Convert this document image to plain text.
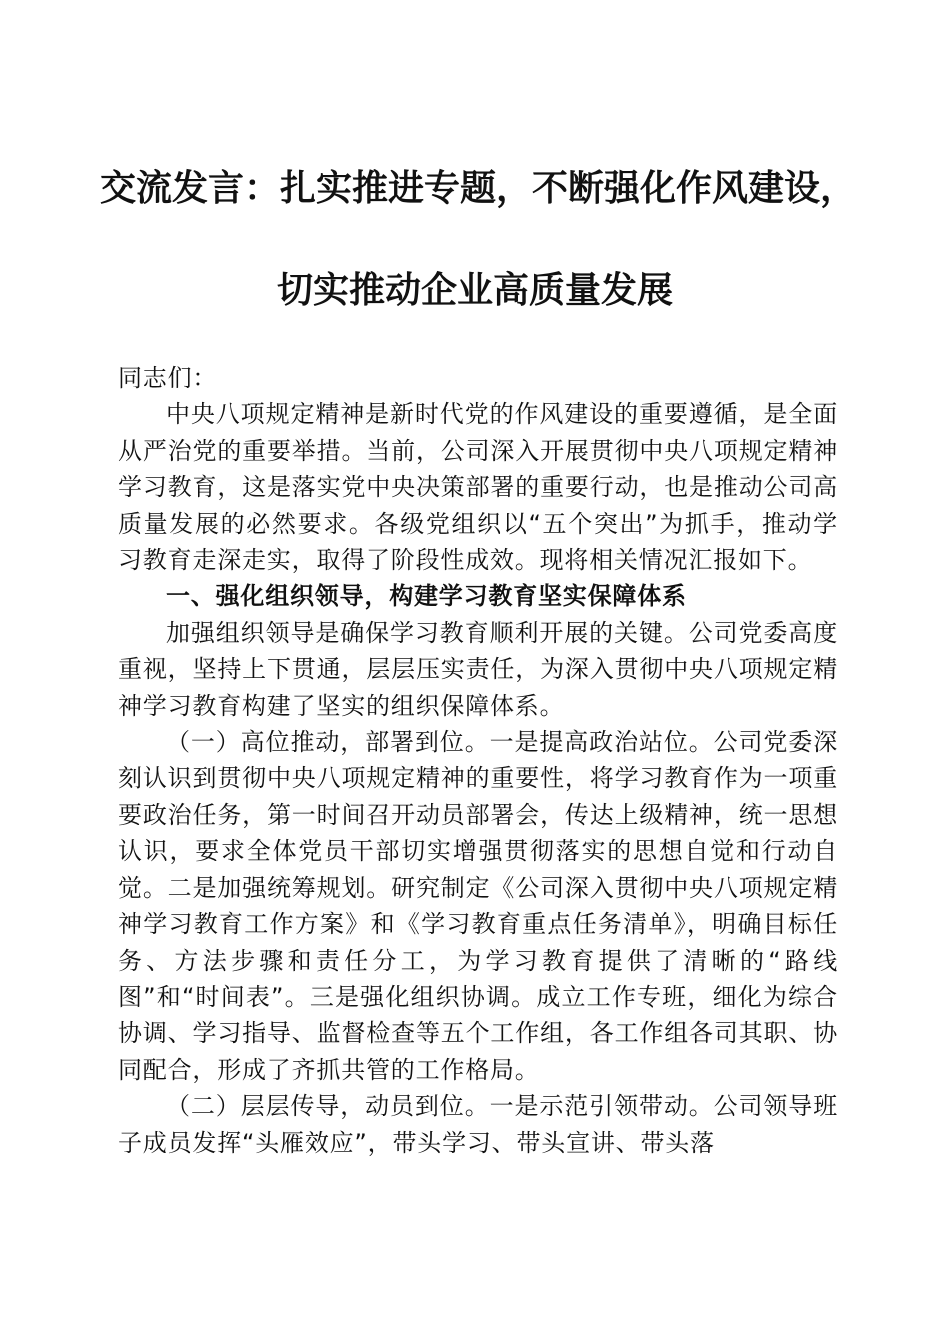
交流发言：扎实推进专题，不断强化作风建设，
切实推动企业高质量发展

同志们：

中央八项规定精神是新时代党的作风建设的重要遵循，是全面从严治党的重要举措。当前，公司深入开展贯彻中央八项规定精神学习教育，这是落实党中央决策部署的重要行动，也是推动公司高质量发展的必然要求。各级党组织以“五个突出”为抓手，推动学习教育走深走实，取得了阶段性成效。现将相关情况汇报如下。

一、强化组织领导，构建学习教育坚实保障体系

加强组织领导是确保学习教育顺利开展的关键。公司党委高度重视，坚持上下贯通，层层压实责任，为深入贯彻中央八项规定精神学习教育构建了坚实的组织保障体系。

（一）高位推动，部署到位。一是提高政治站位。公司党委深刻认识到贯彻中央八项规定精神的重要性，将学习教育作为一项重要政治任务，第一时间召开动员部署会，传达上级精神，统一思想认识，要求全体党员干部切实增强贯彻落实的思想自觉和行动自觉。二是加强统筹规划。研究制定《公司深入贯彻中央八项规定精神学习教育工作方案》和《学习教育重点任务清单》，明确目标任务、方法步骤和责任分工，为学习教育提供了清晰的“路线图”和“时间表”。三是强化组织协调。成立工作专班，细化为综合协调、学习指导、监督检查等五个工作组，各工作组各司其职、协同配合，形成了齐抓共管的工作格局。

（二）层层传导，动员到位。一是示范引领带动。公司领导班子成员发挥“头雁效应”，带头学习、带头宣讲、带头落
